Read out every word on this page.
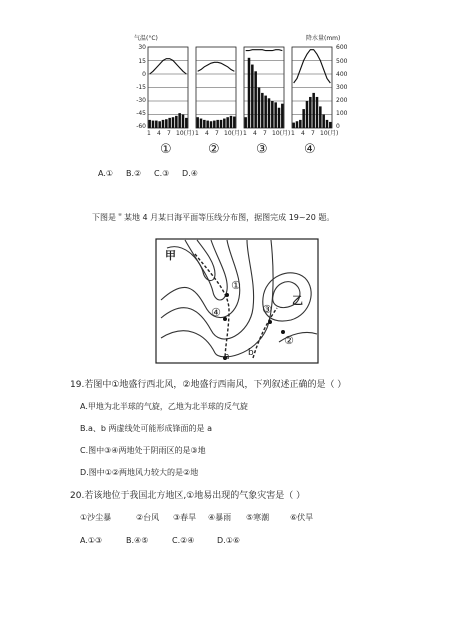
气温(°C)	降水量(mm)
30
15
0
-15
-30
-45
-60
600
500
400
300
200
100
0
1 4 7 10(月) 1 4 7 10(月) 1 4 7 10(月) 1 4 7 10(月)
①	②	③	④
A.① B.② C.③ D.④
下图是＂某地 4 月某日海平面等压线分布图，据图完成 19~20 题。
甲
乙
a b
①
②
③
④
19.若图中①地盛行西北风，②地盛行西南风，下列叙述正确的是（ ）
A.甲地为北半球的气旋，乙地为北半球的反气旋
B.a、b 两虚线处可能形成锋面的是 a
C.图中③④两地处于阴雨区的是③地
D.图中①②两地风力较大的是②地
20.若该地位于我国北方地区,①地易出现的气象灾害是（ ）
①沙尘暴	②台风 ③春旱 ④暴雨 ⑤寒潮	⑥伏旱
A.①③	B.④⑤	C.②④	D.①⑥
